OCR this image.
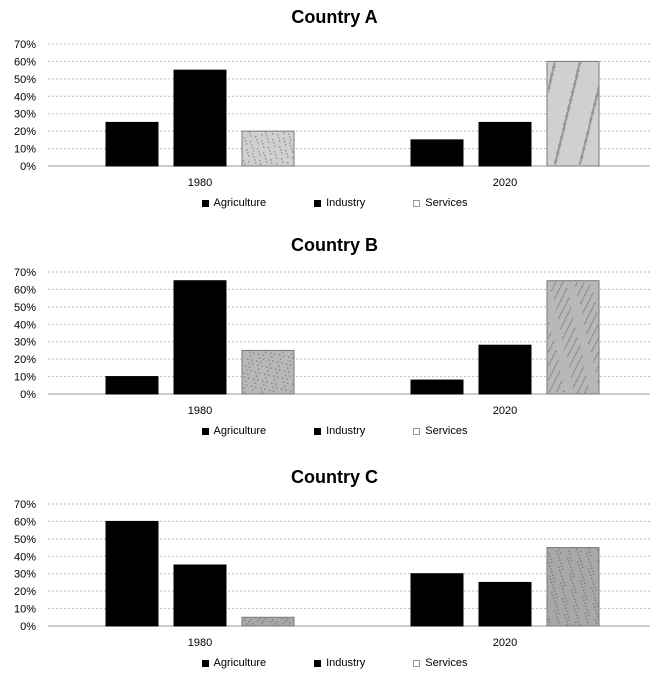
Country A
0%
10%
20%
30%
40%
50%
60%
70%
1980	2020
Agriculture	Industry	Services
Country B
0%
10%
20%
30%
40%
50%
60%
70%
1980	2020
Agriculture	Industry	Services
Country C
0%
10%
20%
30%
40%
50%
60%
70%
1980	2020
Agriculture	Industry	Services
